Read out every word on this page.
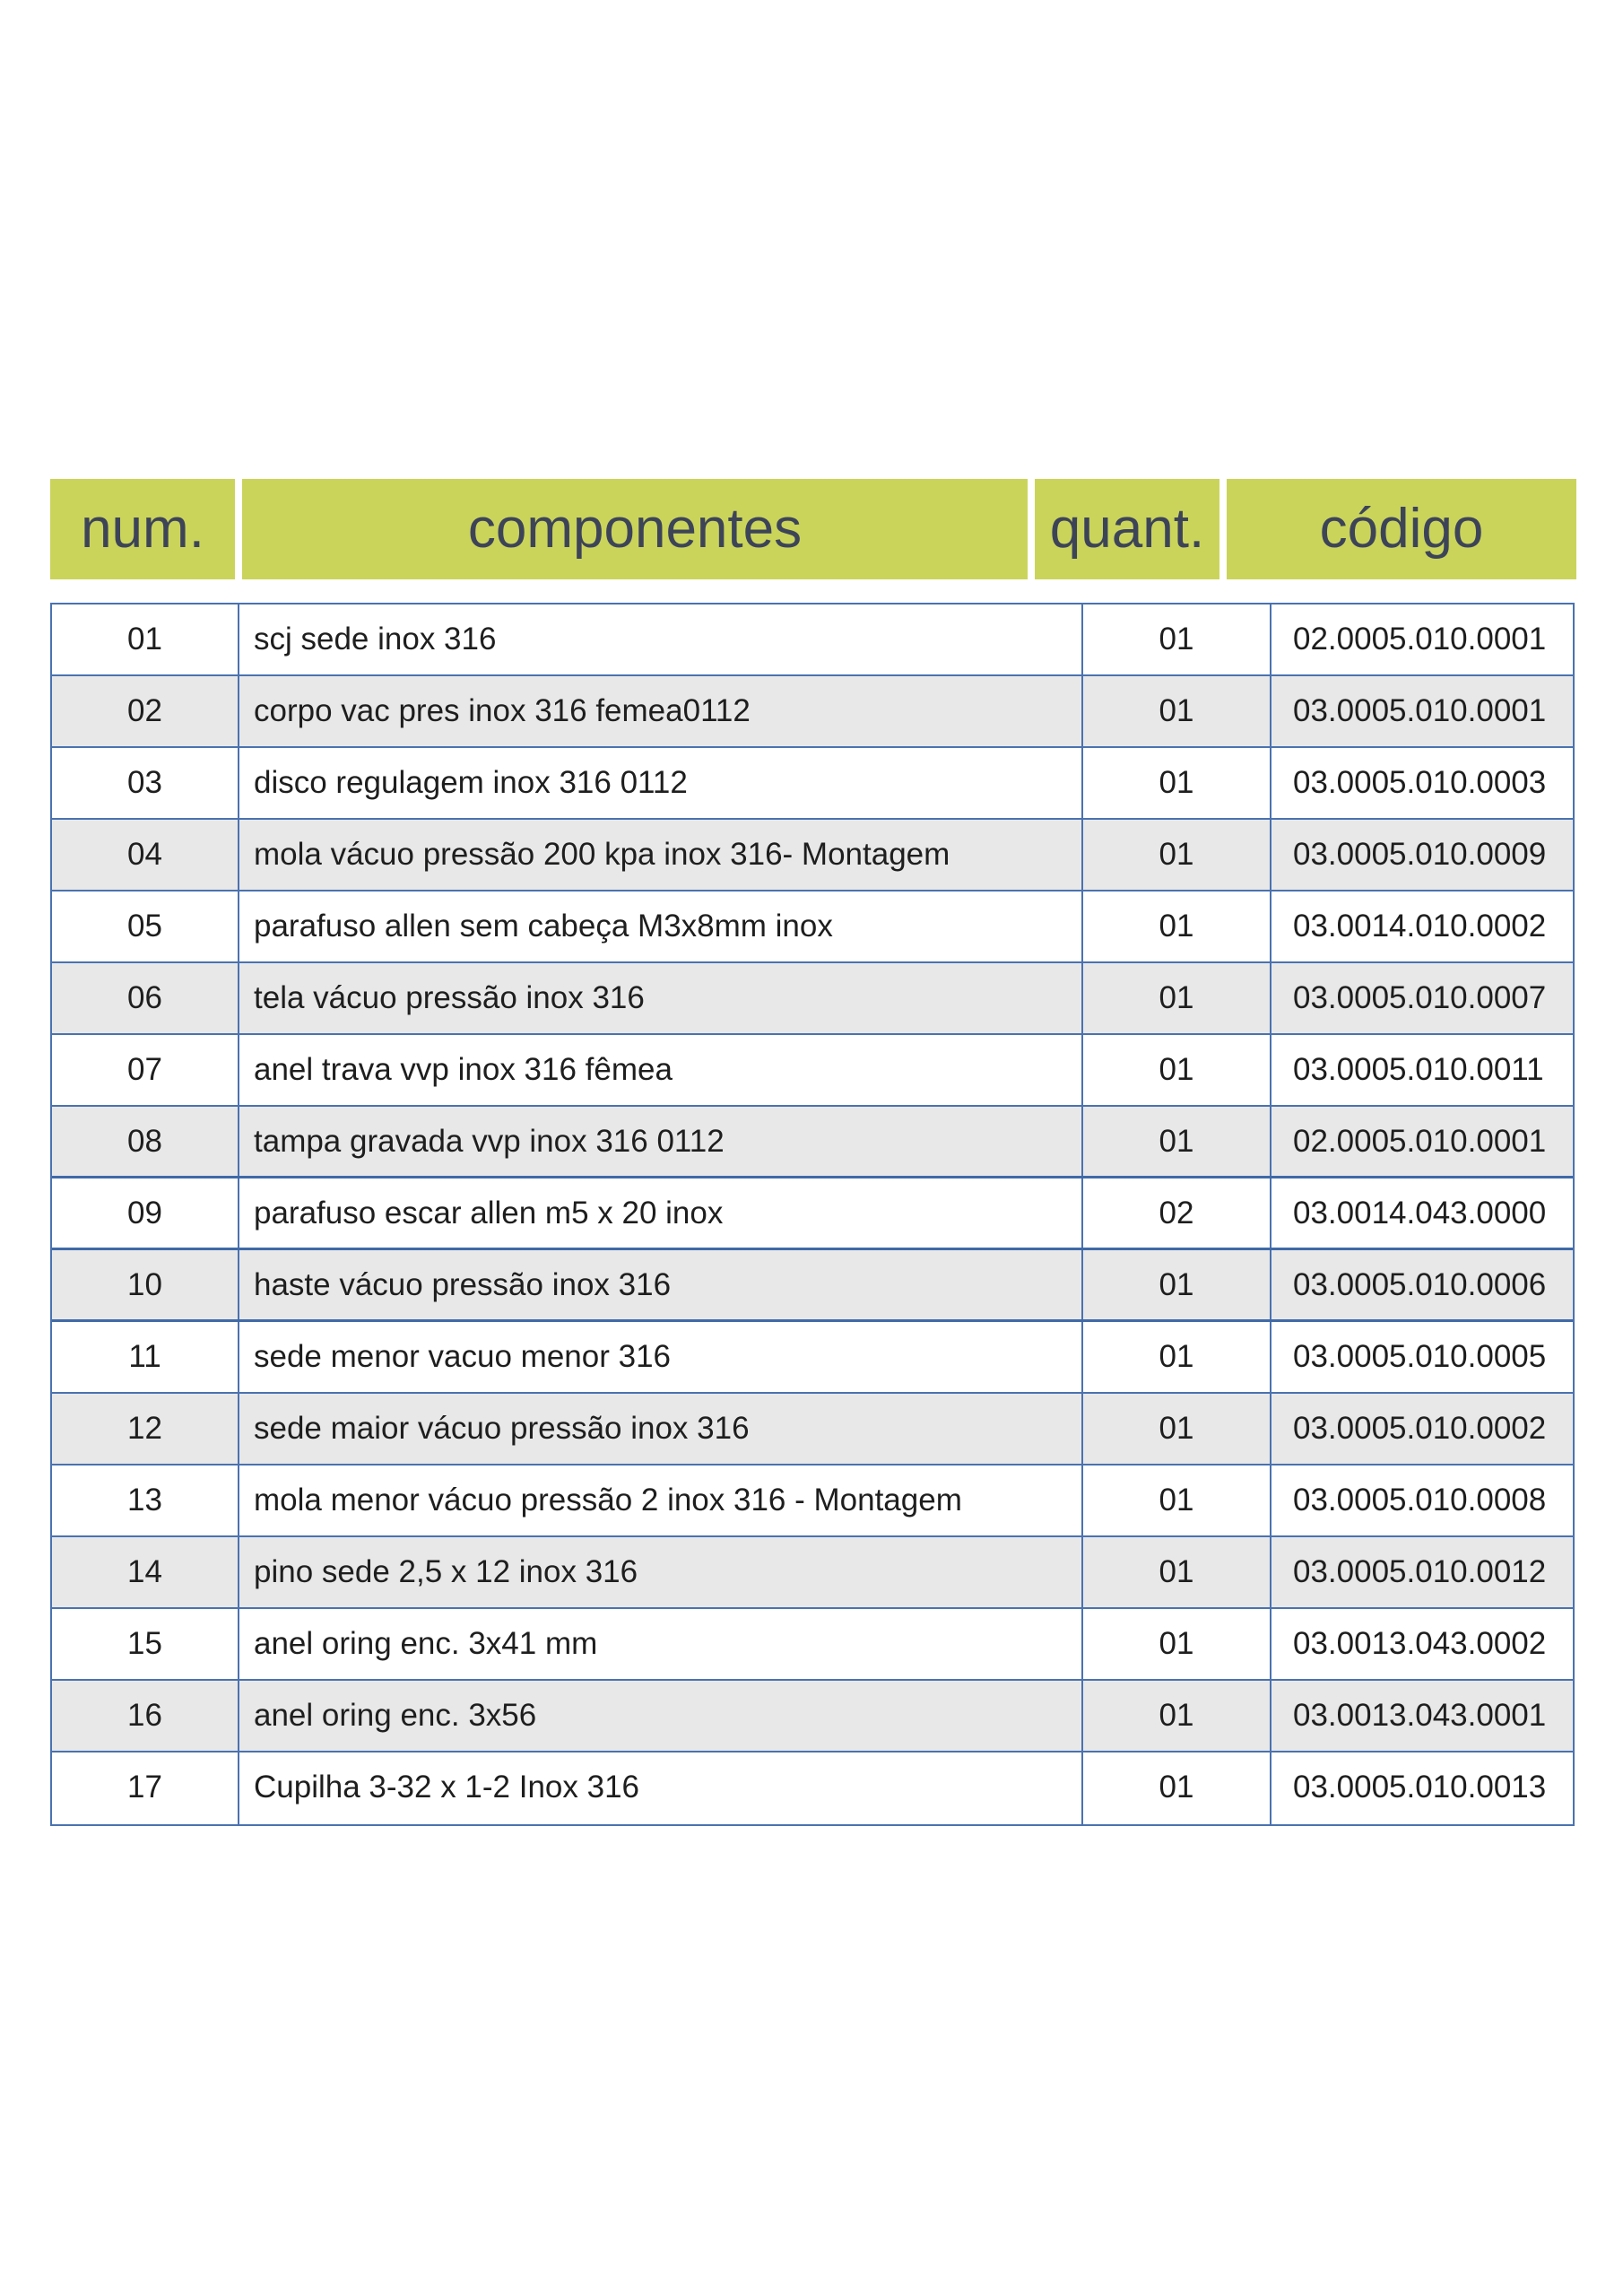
num.	componentes	quant.	código
01	scj sede inox 316	01	02.0005.010.0001
02	corpo vac pres inox 316 femea0112	01	03.0005.010.0001
03	disco regulagem inox 316 0112	01	03.0005.010.0003
04	mola vácuo pressão 200 kpa inox 316- Montagem	01	03.0005.010.0009
05	parafuso allen sem cabeça M3x8mm inox	01	03.0014.010.0002
06	tela vácuo pressão inox 316	01	03.0005.010.0007
07	anel trava vvp inox 316 fêmea	01	03.0005.010.0011
08	tampa gravada vvp inox 316 0112	01	02.0005.010.0001
09	parafuso escar allen m5 x 20 inox	02	03.0014.043.0000
10	haste vácuo pressão inox 316	01	03.0005.010.0006
11	sede menor vacuo menor 316	01	03.0005.010.0005
12	sede maior vácuo pressão inox 316	01	03.0005.010.0002
13	mola menor vácuo pressão 2 inox 316 - Montagem	01	03.0005.010.0008
14	pino sede 2,5 x 12 inox 316	01	03.0005.010.0012
15	anel oring enc. 3x41 mm	01	03.0013.043.0002
16	anel oring enc. 3x56	01	03.0013.043.0001
17	Cupilha 3-32 x 1-2 Inox 316	01	03.0005.010.0013
